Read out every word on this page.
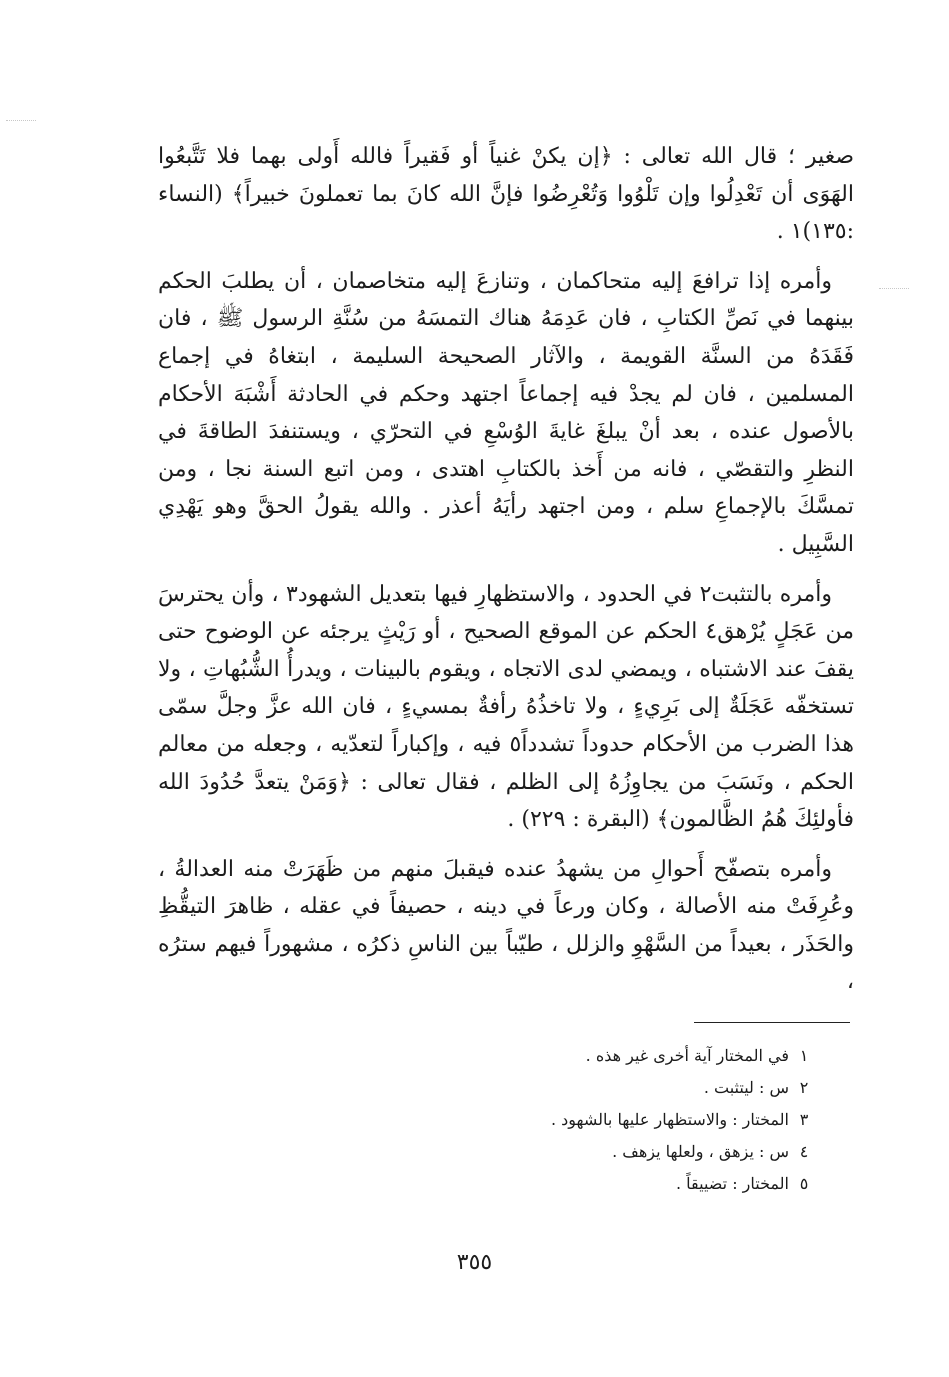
صغير ؛ قال الله تعالى : ﴿إن يكنْ غنياً أو فَقيراً فالله أَولى بهما فلا تَتَّبعُوا الهَوَى أن تَعْدِلُوا وإن تَلْوُوا وَتُعْرِضُوا فإنَّ الله كانَ بما تعملونَ خبيراً﴾ (النساء :١٣٥)١ .

وأمره إذا ترافعَ إليه متحاكمان ، وتنازعَ إليه متخاصمان ، أن يطلبَ الحكم بينهما في نَصِّ الكتابِ ، فان عَدِمَهُ هناك التمسَهُ من سُنَّةِ الرسول ﷺ ، فان فَقَدَهُ من السنَّة القويمة ، والآثار الصحيحة السليمة ، ابتغاهُ في إجماع المسلمين ، فان لم يجدْ فيه إجماعاً اجتهد وحكم في الحادثة أَشْبَهَ الأحكام بالأصول عنده ، بعد أنْ يبلغَ غايةَ الوُسْعِ في التحرّي ، ويستنفدَ الطاقةَ في النظرِ والتقصّي ، فانه من أَخذ بالكتابِ اهتدى ، ومن اتبع السنة نجا ، ومن تمسَّكَ بالإجماعِ سلم ، ومن اجتهد رأيَهُ أعذر . والله يقولُ الحقَّ وهو يَهْدِي السَّبِيل .

وأمره بالتثبت٢ في الحدود ، والاستظهارِ فيها بتعديل الشهود٣ ، وأن يحترسَ من عَجَلٍ يُرْهق٤ الحكم عن الموقع الصحيح ، أو رَيْثٍ يرجئه عن الوضوح حتى يقفَ عند الاشتباه ، ويمضي لدى الاتجاه ، ويقوم بالبينات ، ويدرأُ الشُّبُهاتِ ، ولا تستخفّه عَجَلَةٌ إلى بَرِيءٍ ، ولا تاخذُهُ رأفةٌ بمسيءٍ ، فان الله عزَّ وجلَّ سمّى هذا الضرب من الأحكام حدوداً تشدداً٥ فيه ، وإكباراً لتعدّيه ، وجعله من معالم الحكم ، ونَسَبَ من يجاوِزُهُ إلى الظلم ، فقال تعالى : ﴿وَمَنْ يتعدَّ حُدُودَ الله فأولئِكَ هُمُ الظَّالمون﴾ (البقرة : ٢٢٩) .

وأمره بتصفّح أَحوالِ من يشهدُ عنده فيقبلَ منهم من ظَهَرَتْ منه العدالةُ ، وعُرِفَتْ منه الأصالة ، وكان ورعاً في دينه ، حصيفاً في عقله ، ظاهرَ التيقُّظِ والحَذَر ، بعيداً من السَّهْوِ والزلل ، طيّباً بين الناسِ ذكرُه ، مشهوراً فيهم سترُه ،

١
في المختار آية أخرى غير هذه .
٢
س : ليتثبت .
٣
المختار : والاستظهار عليها بالشهود .
٤
س : يزهق ، ولعلها يزهف .
٥
المختار : تضييقاً .
٣٥٥
